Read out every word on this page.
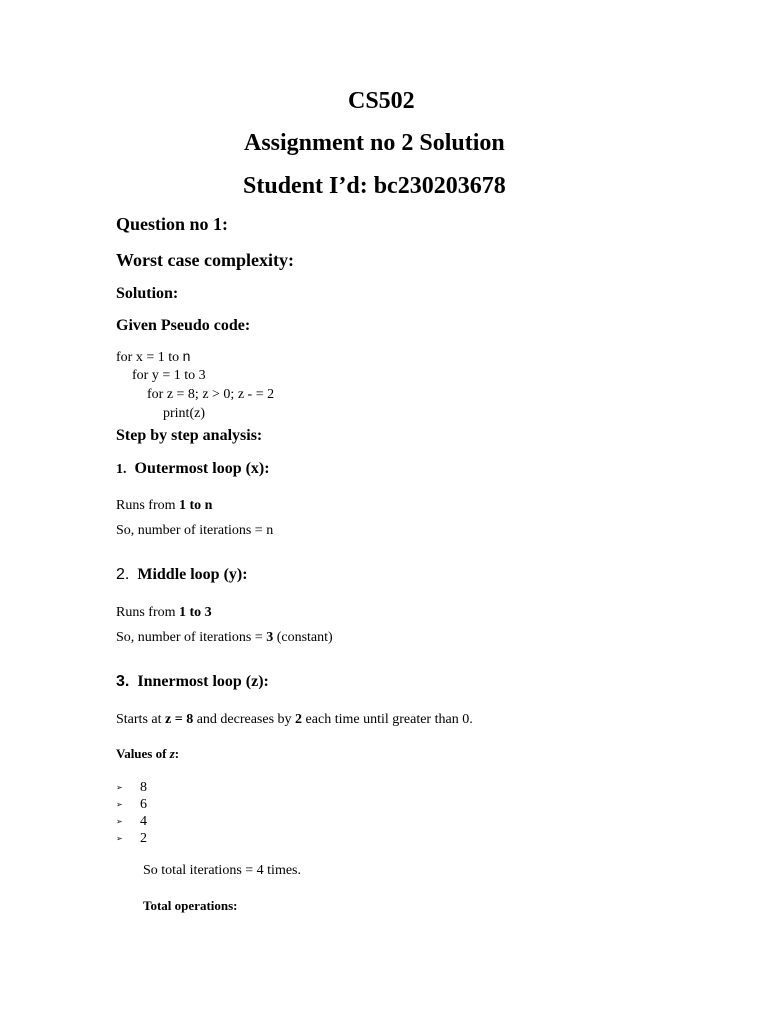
CS502
Assignment no 2 Solution
Student I’d: bc230203678
Question no 1:
Worst case complexity:
Solution:
Given Pseudo code:
for x = 1 to n
for y = 1 to 3
for z = 8; z > 0; z - = 2
print(z)
Step by step analysis:
1. Outermost loop (x):
Runs from 1 to n
So, number of iterations = n
2. Middle loop (y):
Runs from 1 to 3
So, number of iterations = 3 (constant)
3. Innermost loop (z):
Starts at z = 8 and decreases by 2 each time until greater than 0.
Values of z:
➢	8
➢	6
➢	4
➢	2
So total iterations = 4 times.
Total operations:
